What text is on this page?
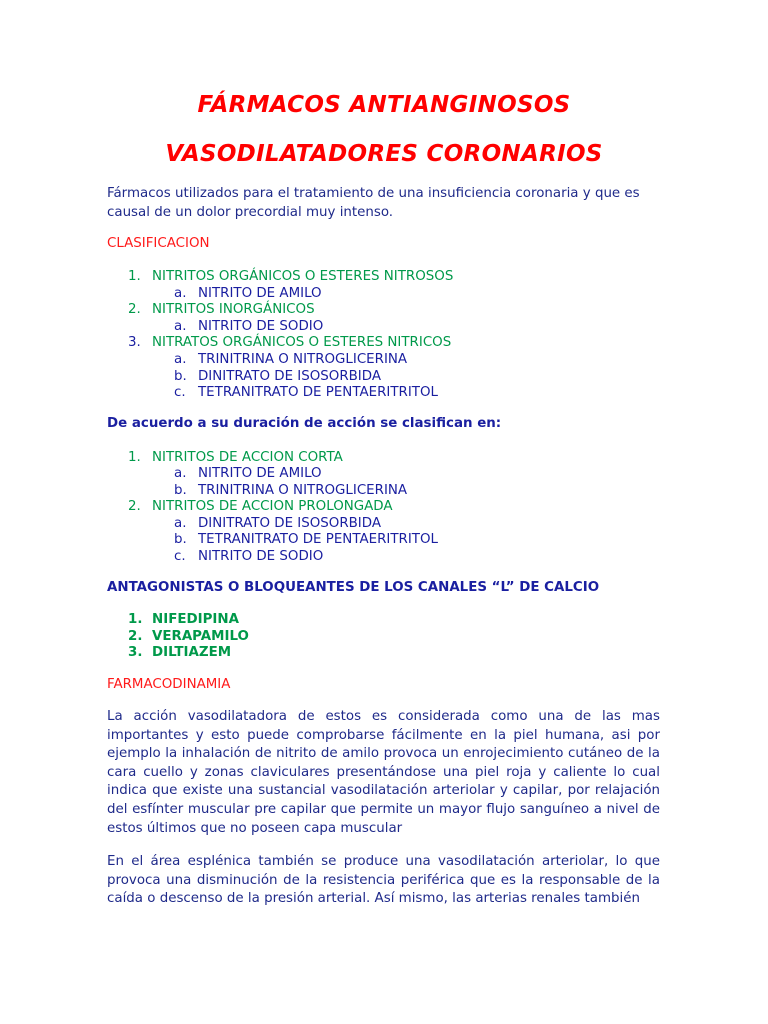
FÁRMACOS ANTIANGINOSOS
VASODILATADORES CORONARIOS

Fármacos utilizados para el tratamiento de una insuficiencia coronaria y que es causal de un dolor precordial muy intenso.

CLASIFICACION

1. NITRITOS ORGÁNICOS O ESTERES NITROSOS
a. NITRITO DE AMILO
2. NITRITOS INORGÁNICOS
a. NITRITO DE SODIO
3. NITRATOS ORGÁNICOS O ESTERES NITRICOS
a. TRINITRINA O NITROGLICERINA
b. DINITRATO DE ISOSORBIDA
c. TETRANITRATO DE PENTAERITRITOL

De acuerdo a su duración de acción se clasifican en:

1. NITRITOS DE ACCION CORTA
a. NITRITO DE AMILO
b. TRINITRINA O NITROGLICERINA
2. NITRITOS DE ACCION PROLONGADA
a. DINITRATO DE ISOSORBIDA
b. TETRANITRATO DE PENTAERITRITOL
c. NITRITO DE SODIO

ANTAGONISTAS O BLOQUEANTES DE LOS CANALES “L” DE CALCIO

1. NIFEDIPINA
2. VERAPAMILO
3. DILTIAZEM

FARMACODINAMIA

La acción vasodilatadora de estos es considerada como una de las mas importantes y esto puede comprobarse fácilmente en la piel humana, asi por ejemplo la inhalación de nitrito de amilo provoca un enrojecimiento cutáneo de la cara cuello y zonas claviculares presentándose una piel roja y caliente lo cual indica que existe una sustancial vasodilatación arteriolar y capilar, por relajación del esfínter muscular pre capilar que permite un mayor flujo sanguíneo a nivel de estos últimos que no poseen capa muscular

En el área esplénica también se produce una vasodilatación arteriolar, lo que provoca una disminución de la resistencia periférica que es la responsable de la caída o descenso de la presión arterial. Así mismo, las arterias renales también
